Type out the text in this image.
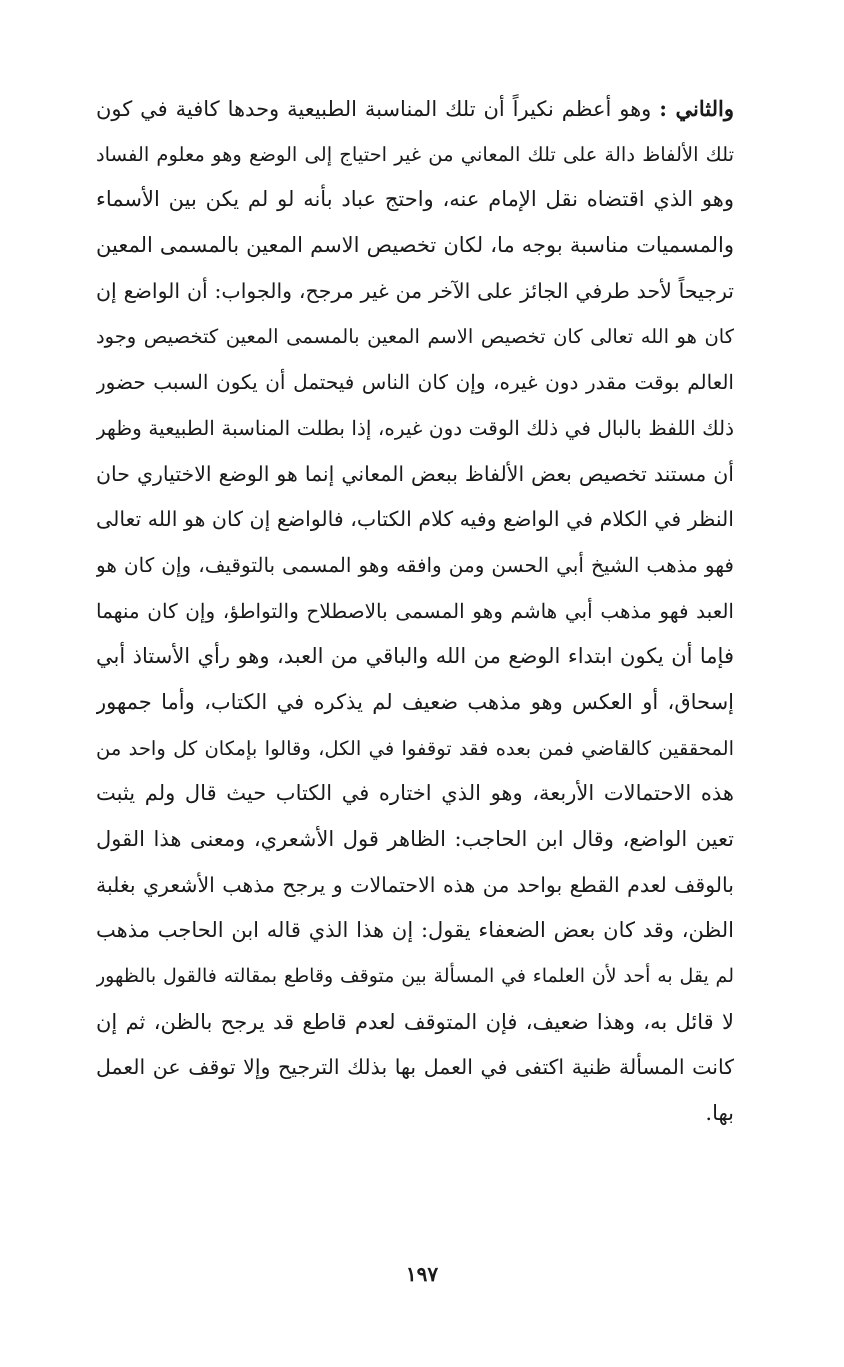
والثاني : وهو أعظم نكيراً أن تلك المناسبة الطبيعية وحدها كافية في كون
تلك الألفاظ دالة على تلك المعاني من غير احتياج إلى الوضع وهو معلوم الفساد
وهو الذي اقتضاه نقل الإمام عنه، واحتج عباد بأنه لو لم يكن بين الأسماء
والمسميات مناسبة بوجه ما، لكان تخصيص الاسم المعين بالمسمى المعين
ترجيحاً لأحد طرفي الجائز على الآخر من غير مرجح، والجواب: أن الواضع إن
كان هو الله تعالى كان تخصيص الاسم المعين بالمسمى المعين كتخصيص وجود
العالم بوقت مقدر دون غيره، وإن كان الناس فيحتمل أن يكون السبب حضور
ذلك اللفظ بالبال في ذلك الوقت دون غيره، إذا بطلت المناسبة الطبيعية وظهر
أن مستند تخصيص بعض الألفاظ ببعض المعاني إنما هو الوضع الاختياري حان
النظر في الكلام في الواضع وفيه كلام الكتاب، فالواضع إن كان هو الله تعالى
فهو مذهب الشيخ أبي الحسن ومن وافقه وهو المسمى بالتوقيف، وإن كان هو
العبد فهو مذهب أبي هاشم وهو المسمى بالاصطلاح والتواطؤ، وإن كان منهما
فإما أن يكون ابتداء الوضع من الله والباقي من العبد، وهو رأي الأستاذ أبي
إسحاق، أو العكس وهو مذهب ضعيف لم يذكره في الكتاب، وأما جمهور
المحققين كالقاضي فمن بعده فقد توقفوا في الكل، وقالوا بإمكان كل واحد من
هذه الاحتمالات الأربعة، وهو الذي اختاره في الكتاب حيث قال ولم يثبت
تعين الواضع، وقال ابن الحاجب: الظاهر قول الأشعري، ومعنى هذا القول
بالوقف لعدم القطع بواحد من هذه الاحتمالات و يرجح مذهب الأشعري بغلبة
الظن، وقد كان بعض الضعفاء يقول: إن هذا الذي قاله ابن الحاجب مذهب
لم يقل به أحد لأن العلماء في المسألة بين متوقف وقاطع بمقالته فالقول بالظهور
لا قائل به، وهذا ضعيف، فإن المتوقف لعدم قاطع قد يرجح بالظن، ثم إن
كانت المسألة ظنية اكتفى في العمل بها بذلك الترجيح وإلا توقف عن العمل
بها.
١٩٧
